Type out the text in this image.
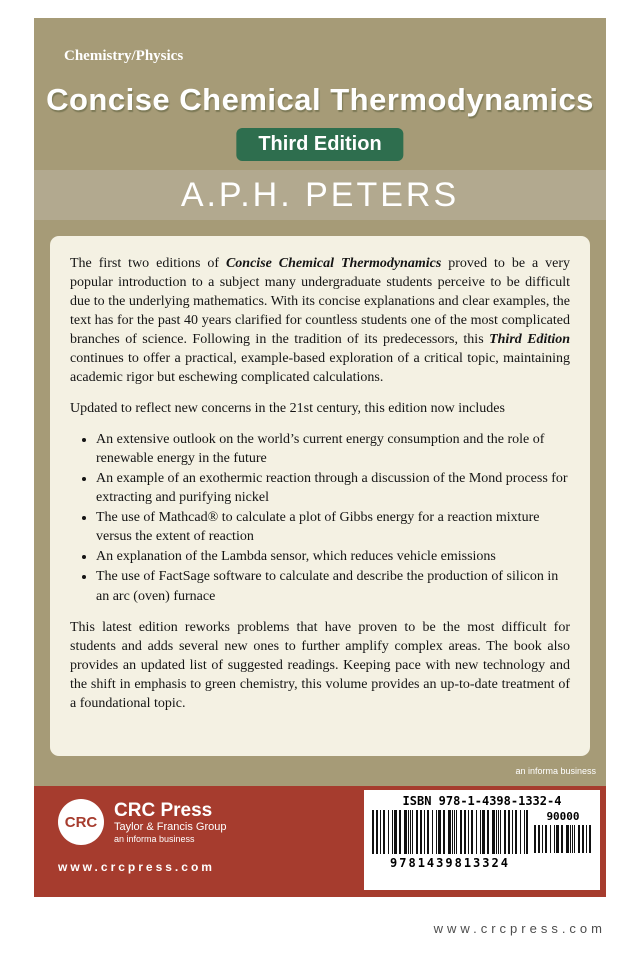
Chemistry/Physics
Concise Chemical Thermodynamics
Third Edition
A.P.H. PETERS

The first two editions of Concise Chemical Thermodynamics proved to be a very popular introduction to a subject many undergraduate students perceive to be difficult due to the underlying mathematics. With its concise explanations and clear examples, the text has for the past 40 years clarified for countless students one of the most complicated branches of science. Following in the tradition of its predecessors, this Third Edition continues to offer a practical, example-based exploration of a critical topic, maintaining academic rigor but eschewing complicated calculations.

Updated to reflect new concerns in the 21st century, this edition now includes

• An extensive outlook on the world’s current energy consumption and the role of renewable energy in the future
• An example of an exothermic reaction through a discussion of the Mond process for extracting and purifying nickel
• The use of Mathcad® to calculate a plot of Gibbs energy for a reaction mixture versus the extent of reaction
• An explanation of the Lambda sensor, which reduces vehicle emissions
• The use of FactSage software to calculate and describe the production of silicon in an arc (oven) furnace

This latest edition reworks problems that have proven to be the most difficult for students and adds several new ones to further amplify complex areas. The book also provides an updated list of suggested readings. Keeping pace with new technology and the shift in emphasis to green chemistry, this volume provides an up-to-date treatment of a foundational topic.

an informa business
CRC
CRC Press
Taylor & Francis Group
an informa business
www.crcpress.com
ISBN 978-1-4398-1332-4
9781439813324
90000
www.crcpress.com
